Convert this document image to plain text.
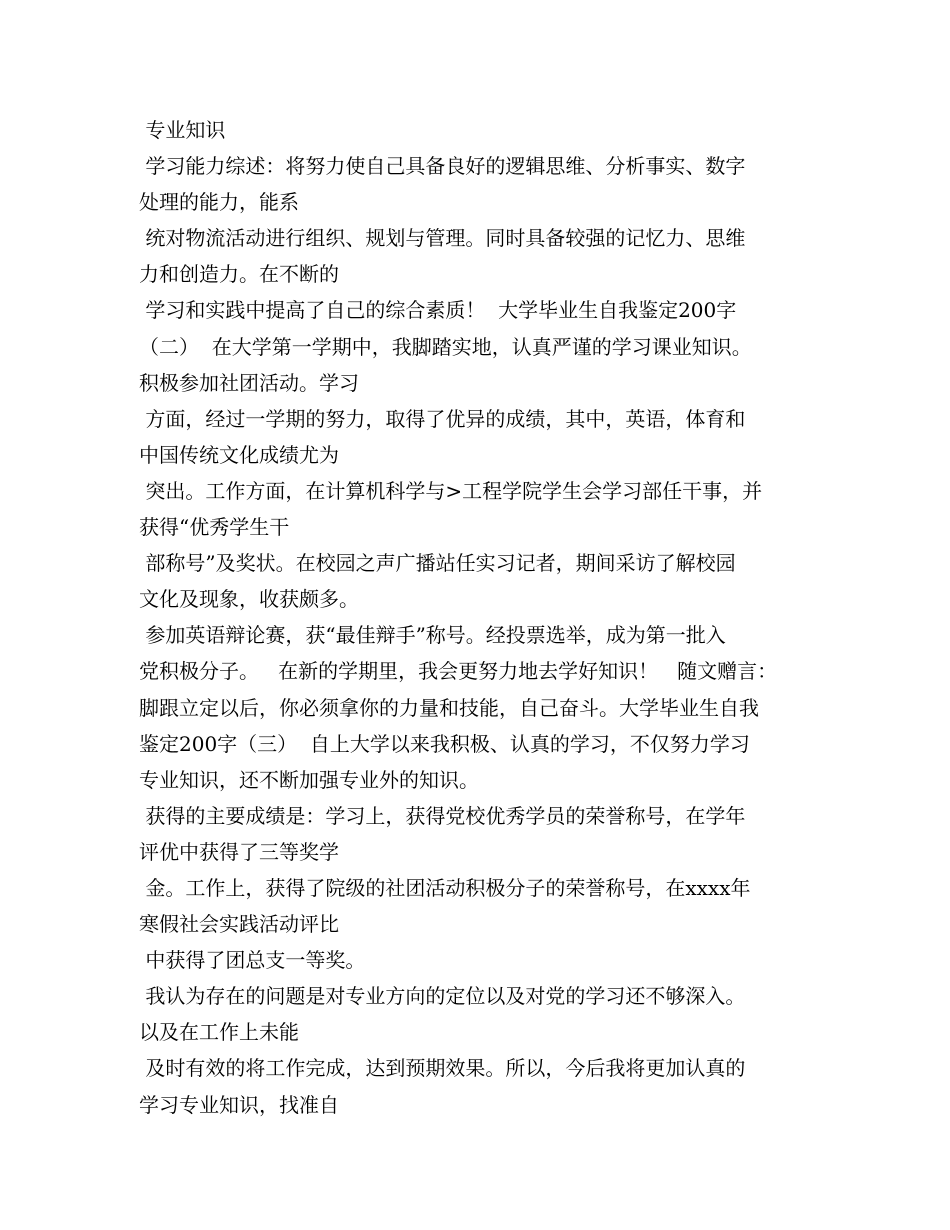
专业知识
学习能力综述：将努力使自己具备良好的逻辑思维、分析事实、数字
处理的能力，能系
统对物流活动进行组织、规划与管理。同时具备较强的记忆力、思维
力和创造力。在不断的
学习和实践中提高了自己的综合素质！  大学毕业生自我鉴定200字
（二）  在大学第一学期中，我脚踏实地，认真严谨的学习课业知识。
积极参加社团活动。学习
方面，经过一学期的努力，取得了优异的成绩，其中，英语，体育和
中国传统文化成绩尤为
突出。工作方面，在计算机科学与>工程学院学生会学习部任干事，并
获得“优秀学生干
部称号”及奖状。在校园之声广播站任实习记者，期间采访了解校园
文化及现象，收获颇多。
参加英语辩论赛，获“最佳辩手”称号。经投票选举，成为第一批入
党积极分子。   在新的学期里，我会更努力地去学好知识！   随文赠言：
脚跟立定以后，你必须拿你的力量和技能，自己奋斗。大学毕业生自我
鉴定200字（三）  自上大学以来我积极、认真的学习，不仅努力学习
专业知识，还不断加强专业外的知识。
获得的主要成绩是：学习上，获得党校优秀学员的荣誉称号，在学年
评优中获得了三等奖学
金。工作上，获得了院级的社团活动积极分子的荣誉称号，在xxxx年
寒假社会实践活动评比
中获得了团总支一等奖。
我认为存在的问题是对专业方向的定位以及对党的学习还不够深入。
以及在工作上未能
及时有效的将工作完成，达到预期效果。所以，今后我将更加认真的
学习专业知识，找准自
